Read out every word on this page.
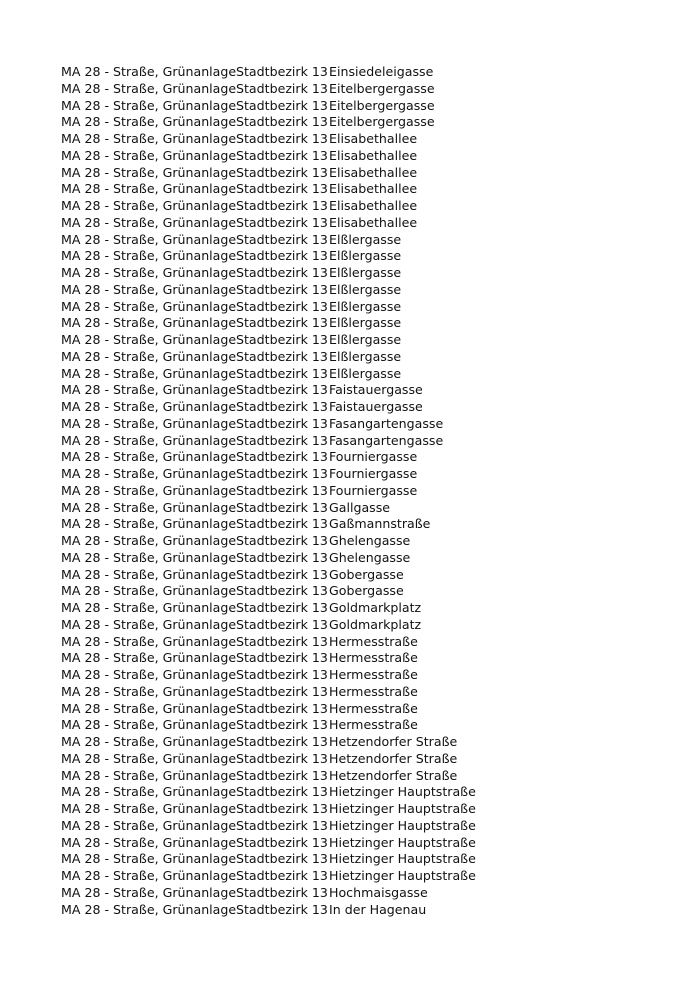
MA 28 - Straße, Grünanlage Stadtbezirk 13 Einsiedeleigasse
MA 28 - Straße, Grünanlage Stadtbezirk 13 Eitelbergergasse
MA 28 - Straße, Grünanlage Stadtbezirk 13 Eitelbergergasse
MA 28 - Straße, Grünanlage Stadtbezirk 13 Eitelbergergasse
MA 28 - Straße, Grünanlage Stadtbezirk 13 Elisabethallee
MA 28 - Straße, Grünanlage Stadtbezirk 13 Elisabethallee
MA 28 - Straße, Grünanlage Stadtbezirk 13 Elisabethallee
MA 28 - Straße, Grünanlage Stadtbezirk 13 Elisabethallee
MA 28 - Straße, Grünanlage Stadtbezirk 13 Elisabethallee
MA 28 - Straße, Grünanlage Stadtbezirk 13 Elisabethallee
MA 28 - Straße, Grünanlage Stadtbezirk 13 Elßlergasse
MA 28 - Straße, Grünanlage Stadtbezirk 13 Elßlergasse
MA 28 - Straße, Grünanlage Stadtbezirk 13 Elßlergasse
MA 28 - Straße, Grünanlage Stadtbezirk 13 Elßlergasse
MA 28 - Straße, Grünanlage Stadtbezirk 13 Elßlergasse
MA 28 - Straße, Grünanlage Stadtbezirk 13 Elßlergasse
MA 28 - Straße, Grünanlage Stadtbezirk 13 Elßlergasse
MA 28 - Straße, Grünanlage Stadtbezirk 13 Elßlergasse
MA 28 - Straße, Grünanlage Stadtbezirk 13 Elßlergasse
MA 28 - Straße, Grünanlage Stadtbezirk 13 Faistauergasse
MA 28 - Straße, Grünanlage Stadtbezirk 13 Faistauergasse
MA 28 - Straße, Grünanlage Stadtbezirk 13 Fasangartengasse
MA 28 - Straße, Grünanlage Stadtbezirk 13 Fasangartengasse
MA 28 - Straße, Grünanlage Stadtbezirk 13 Fourniergasse
MA 28 - Straße, Grünanlage Stadtbezirk 13 Fourniergasse
MA 28 - Straße, Grünanlage Stadtbezirk 13 Fourniergasse
MA 28 - Straße, Grünanlage Stadtbezirk 13 Gallgasse
MA 28 - Straße, Grünanlage Stadtbezirk 13 Gaßmannstraße
MA 28 - Straße, Grünanlage Stadtbezirk 13 Ghelengasse
MA 28 - Straße, Grünanlage Stadtbezirk 13 Ghelengasse
MA 28 - Straße, Grünanlage Stadtbezirk 13 Gobergasse
MA 28 - Straße, Grünanlage Stadtbezirk 13 Gobergasse
MA 28 - Straße, Grünanlage Stadtbezirk 13 Goldmarkplatz
MA 28 - Straße, Grünanlage Stadtbezirk 13 Goldmarkplatz
MA 28 - Straße, Grünanlage Stadtbezirk 13 Hermesstraße
MA 28 - Straße, Grünanlage Stadtbezirk 13 Hermesstraße
MA 28 - Straße, Grünanlage Stadtbezirk 13 Hermesstraße
MA 28 - Straße, Grünanlage Stadtbezirk 13 Hermesstraße
MA 28 - Straße, Grünanlage Stadtbezirk 13 Hermesstraße
MA 28 - Straße, Grünanlage Stadtbezirk 13 Hermesstraße
MA 28 - Straße, Grünanlage Stadtbezirk 13 Hetzendorfer Straße
MA 28 - Straße, Grünanlage Stadtbezirk 13 Hetzendorfer Straße
MA 28 - Straße, Grünanlage Stadtbezirk 13 Hetzendorfer Straße
MA 28 - Straße, Grünanlage Stadtbezirk 13 Hietzinger Hauptstraße
MA 28 - Straße, Grünanlage Stadtbezirk 13 Hietzinger Hauptstraße
MA 28 - Straße, Grünanlage Stadtbezirk 13 Hietzinger Hauptstraße
MA 28 - Straße, Grünanlage Stadtbezirk 13 Hietzinger Hauptstraße
MA 28 - Straße, Grünanlage Stadtbezirk 13 Hietzinger Hauptstraße
MA 28 - Straße, Grünanlage Stadtbezirk 13 Hietzinger Hauptstraße
MA 28 - Straße, Grünanlage Stadtbezirk 13 Hochmaisgasse
MA 28 - Straße, Grünanlage Stadtbezirk 13 In der Hagenau
